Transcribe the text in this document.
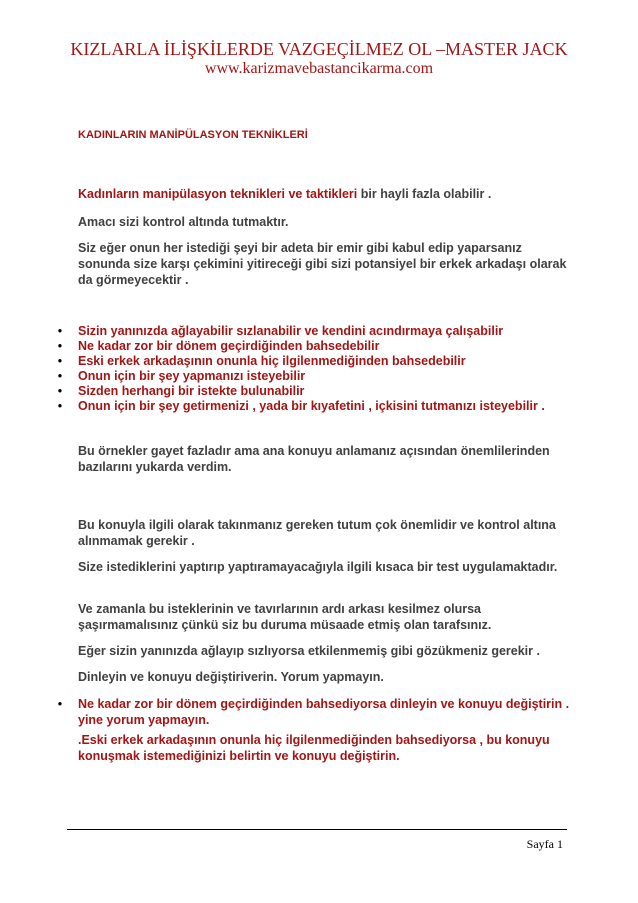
KIZLARLA İLİŞKİLERDE VAZGEÇİLMEZ OL –MASTER JACK
www.karizmavebastancikarma.com
KADINLARIN MANİPÜLASYON TEKNİKLERİ
Kadınların manipülasyon teknikleri ve taktikleri bir hayli fazla olabilir .
Amacı sizi kontrol altında tutmaktır.
Siz eğer onun her istediği şeyi bir adeta bir emir gibi kabul edip yaparsanız sonunda size karşı çekimini yitireceği gibi sizi potansiyel bir erkek arkadaşı olarak da görmeyecektir .
•	Sizin yanınızda ağlayabilir sızlanabilir ve kendini acındırmaya çalışabilir
•	Ne kadar zor bir dönem geçirdiğinden bahsedebilir
•	Eski erkek arkadaşının onunla hiç ilgilenmediğinden bahsedebilir
•	Onun için bir şey yapmanızı isteyebilir
•	Sizden herhangi bir istekte bulunabilir
•	Onun için bir şey getirmenizi , yada bir kıyafetini , içkisini tutmanızı isteyebilir .
Bu örnekler gayet fazladır ama ana konuyu anlamanız açısından önemlilerinden bazılarını yukarda verdim.
Bu konuyla ilgili olarak takınmanız gereken tutum çok önemlidir ve kontrol altına alınmamak gerekir .
Size istediklerini yaptırıp yaptıramayacağıyla ilgili kısaca bir test uygulamaktadır.
Ve zamanla bu isteklerinin ve tavırlarının ardı arkası kesilmez olursa şaşırmamalısınız çünkü siz bu duruma müsaade etmiş olan tarafsınız.
Eğer sizin yanınızda ağlayıp sızlıyorsa etkilenmemiş gibi gözükmeniz gerekir .
Dinleyin ve konuyu değiştiriverin. Yorum yapmayın.
•	Ne kadar zor bir dönem geçirdiğinden bahsediyorsa dinleyin ve konuyu değiştirin . yine yorum yapmayın.

.Eski erkek arkadaşının onunla hiç ilgilenmediğinden bahsediyorsa , bu konuyu konuşmak istemediğinizi belirtin ve konuyu değiştirin.

Sayfa 1
